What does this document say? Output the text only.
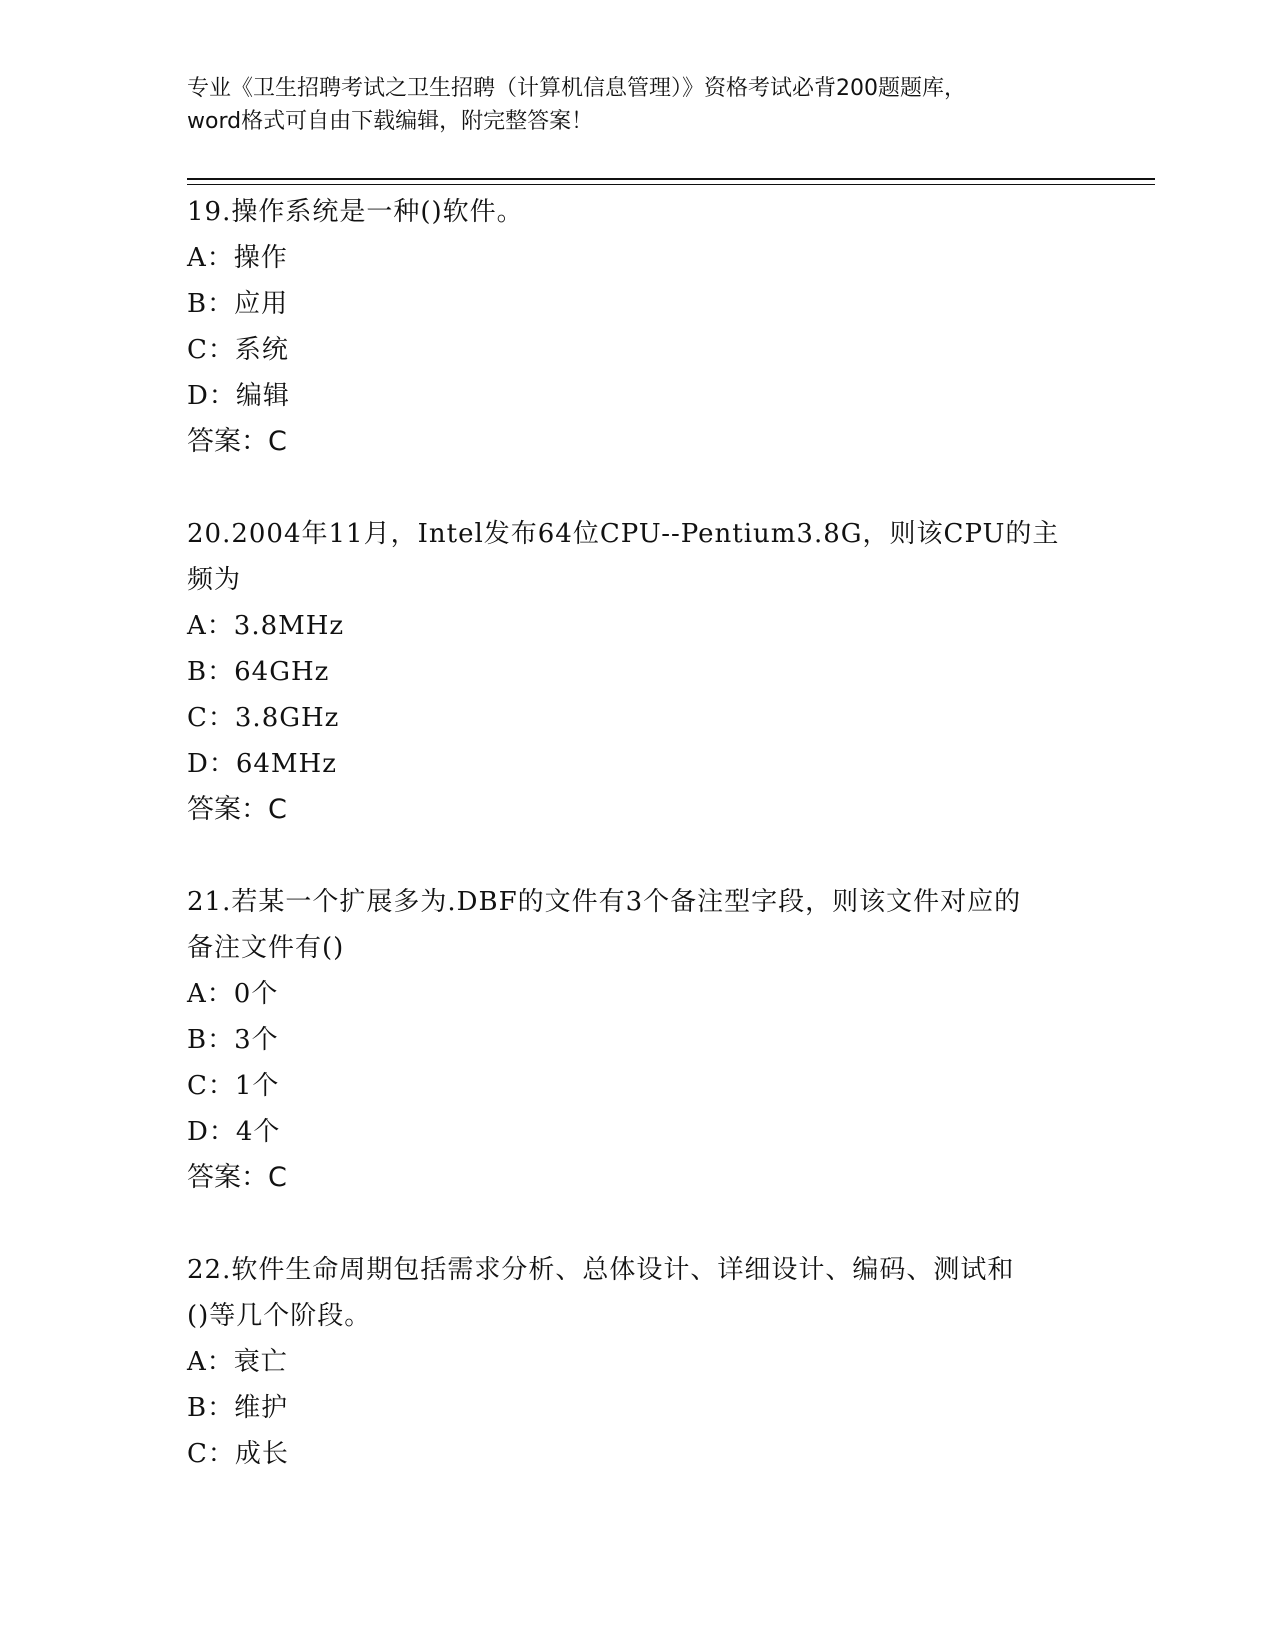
专业《卫生招聘考试之卫生招聘（计算机信息管理）》资格考试必背200题题库，
word格式可自由下载编辑，附完整答案！
19.操作系统是一种()软件。
A：操作
B：应用
C：系统
D：编辑
答案：C
20.2004年11月，Intel发布64位CPU--Pentium3.8G，则该CPU的主
频为
A：3.8MHz
B：64GHz
C：3.8GHz
D：64MHz
答案：C
21.若某一个扩展多为.DBF的文件有3个备注型字段，则该文件对应的
备注文件有()
A：0个
B：3个
C：1个
D：4个
答案：C
22.软件生命周期包括需求分析、总体设计、详细设计、编码、测试和
()等几个阶段。
A：衰亡
B：维护
C：成长
